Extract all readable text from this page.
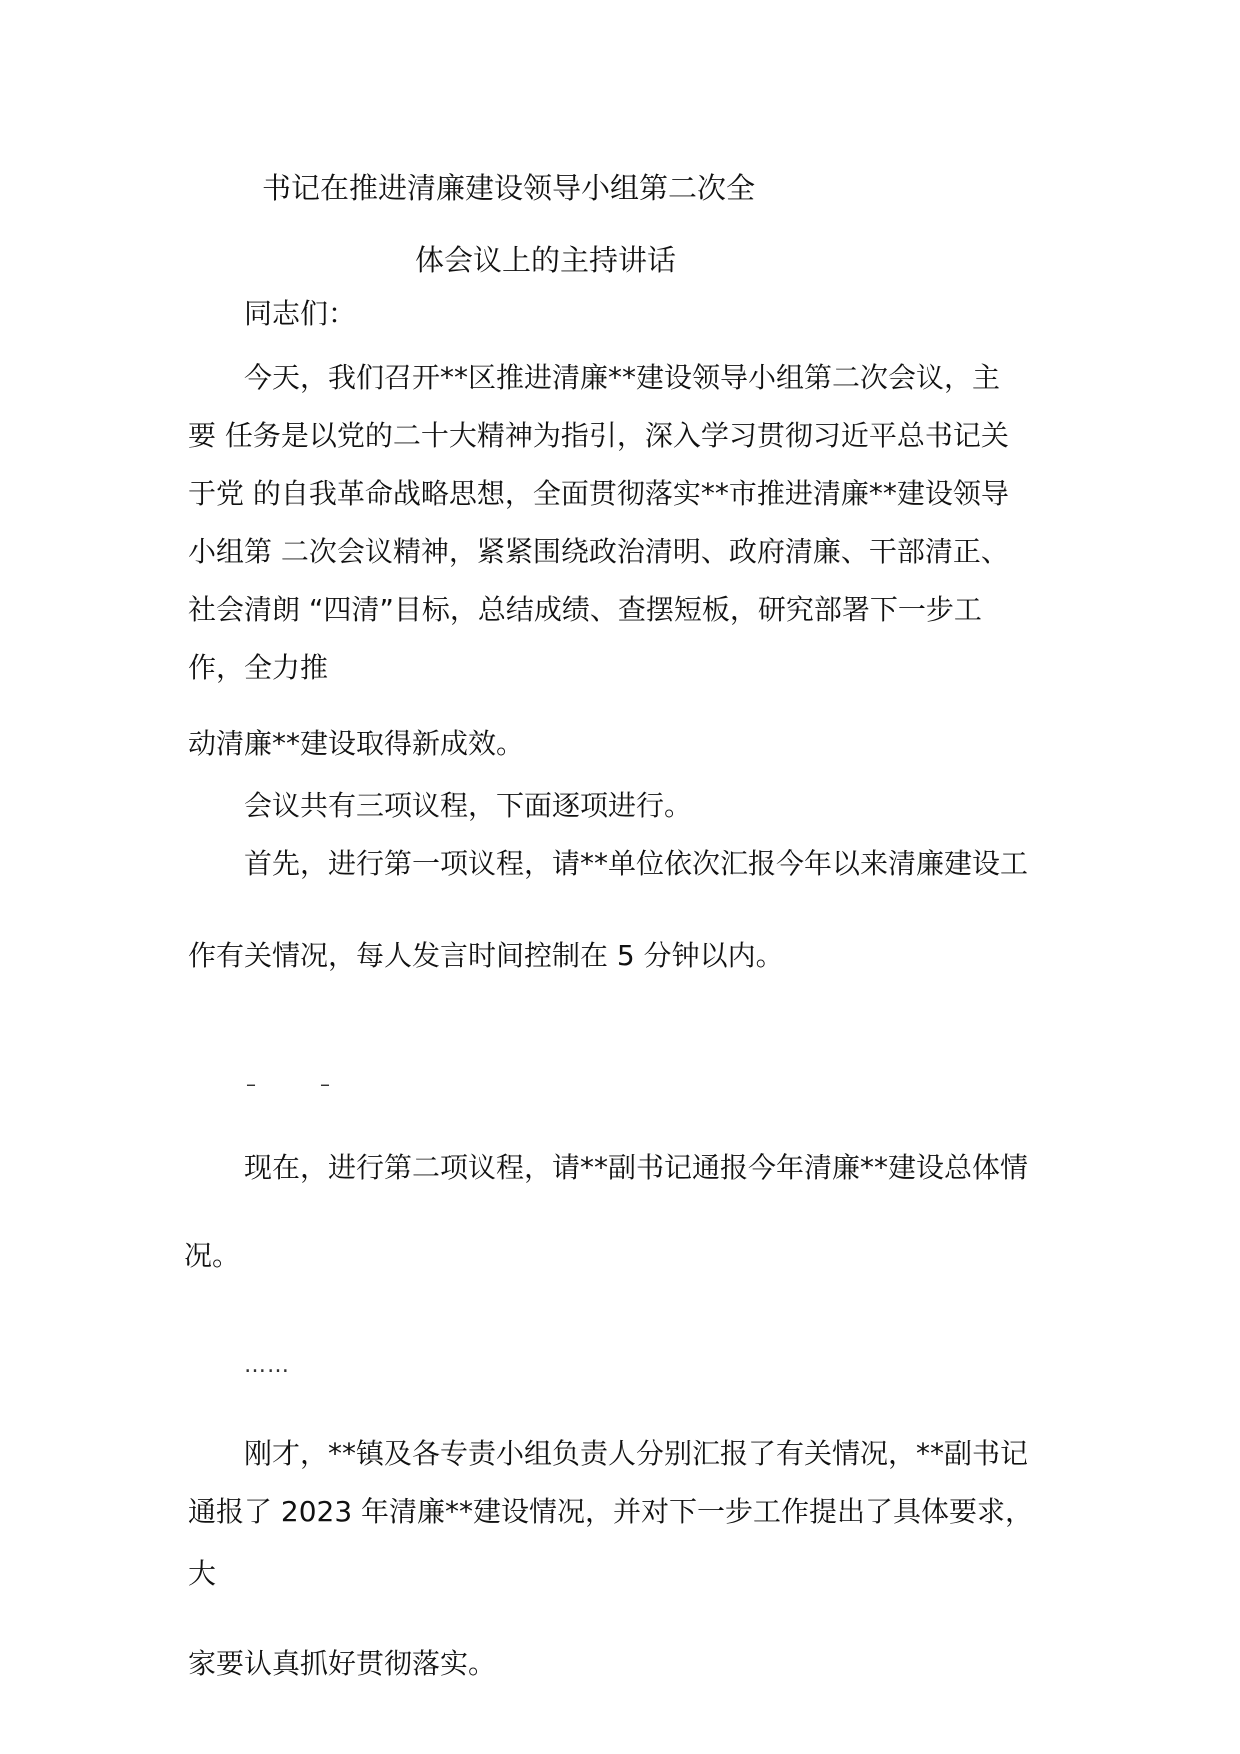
书记在推进清廉建设领导小组第二次全
体会议上的主持讲话
同志们：
今天，我们召开**区推进清廉**建设领导小组第二次会议，主
要 任务是以党的二十大精神为指引，深入学习贯彻习近平总书记关
于党 的自我革命战略思想，全面贯彻落实**市推进清廉**建设领导
小组第 二次会议精神，紧紧围绕政治清明、政府清廉、干部清正、
社会清朗 “四清”目标，总结成绩、查摆短板，研究部署下一步工
作，全力推
动清廉**建设取得新成效。
会议共有三项议程，下面逐项进行。
首先，进行第一项议程，请**单位依次汇报今年以来清廉建设工
作有关情况，每人发言时间控制在 5 分钟以内。
–	–
现在，进行第二项议程，请**副书记通报今年清廉**建设总体情
况。
……
刚才，**镇及各专责小组负责人分别汇报了有关情况，**副书记
通报了 2023 年清廉**建设情况，并对下一步工作提出了具体要求，
大
家要认真抓好贯彻落实。
